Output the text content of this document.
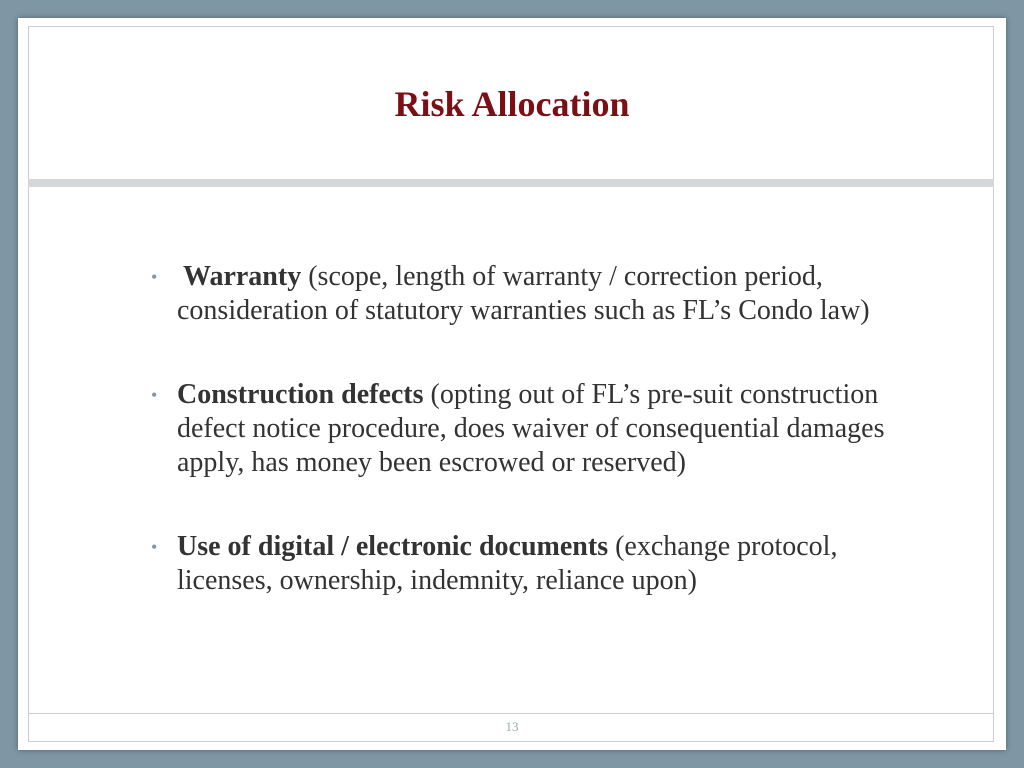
Risk Allocation
• Warranty (scope, length of warranty / correction period, consideration of statutory warranties such as FL’s Condo law)
• Construction defects (opting out of FL’s pre-suit construction defect notice procedure, does waiver of consequential damages apply, has money been escrowed or reserved)
• Use of digital / electronic documents (exchange protocol, licenses, ownership, indemnity, reliance upon)
13
